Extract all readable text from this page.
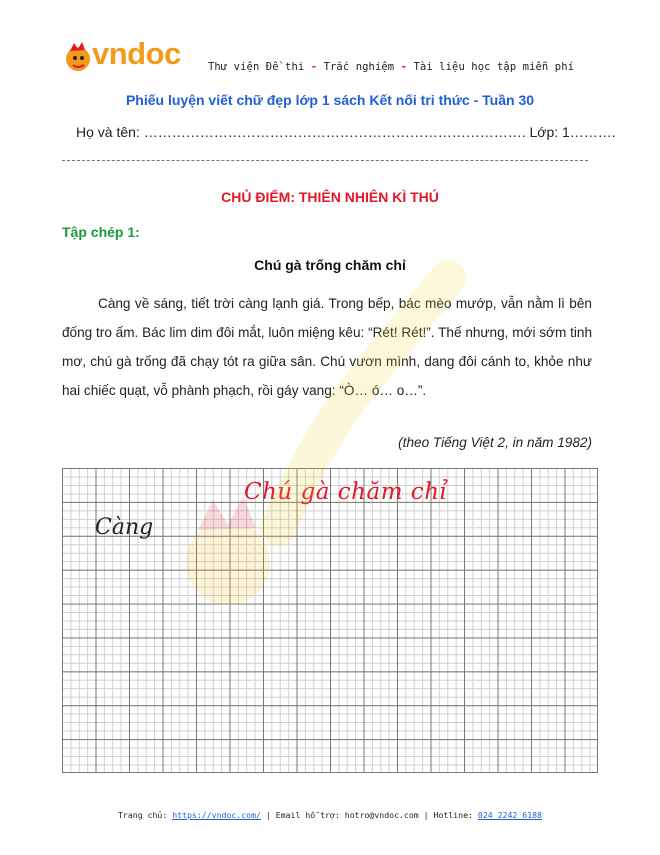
vndoc	Thư viện Đề thi - Trắc nghiệm - Tài liệu học tập miễn phí
Phiếu luyện viết chữ đẹp lớp 1 sách Kết nối tri thức - Tuần 30
Họ và tên: ………………………………………………………………………. Lớp: 1……….
CHỦ ĐIỂM: THIÊN NHIÊN KÌ THÚ
Tập chép 1:
Chú gà trống chăm chỉ
Càng về sáng, tiết trời càng lạnh giá. Trong bếp, bác mèo mướp, vẫn nằm lì bên đống tro ấm. Bác lim dim đôi mắt, luôn miệng kêu: “Rét! Rét!”. Thế nhưng, mới sớm tinh mơ, chú gà trống đã chạy tót ra giữa sân. Chú vươn mình, dang đôi cánh to, khỏe như hai chiếc quạt, vỗ phành phạch, rồi gáy vang: “Ò… ó… o…”.
(theo Tiếng Việt 2, in năm 1982)
Chú gà chăm chỉ
Càng
Trang chủ: https://vndoc.com/ | Email hỗ trợ: hotro@vndoc.com | Hotline: 024 2242 6188
